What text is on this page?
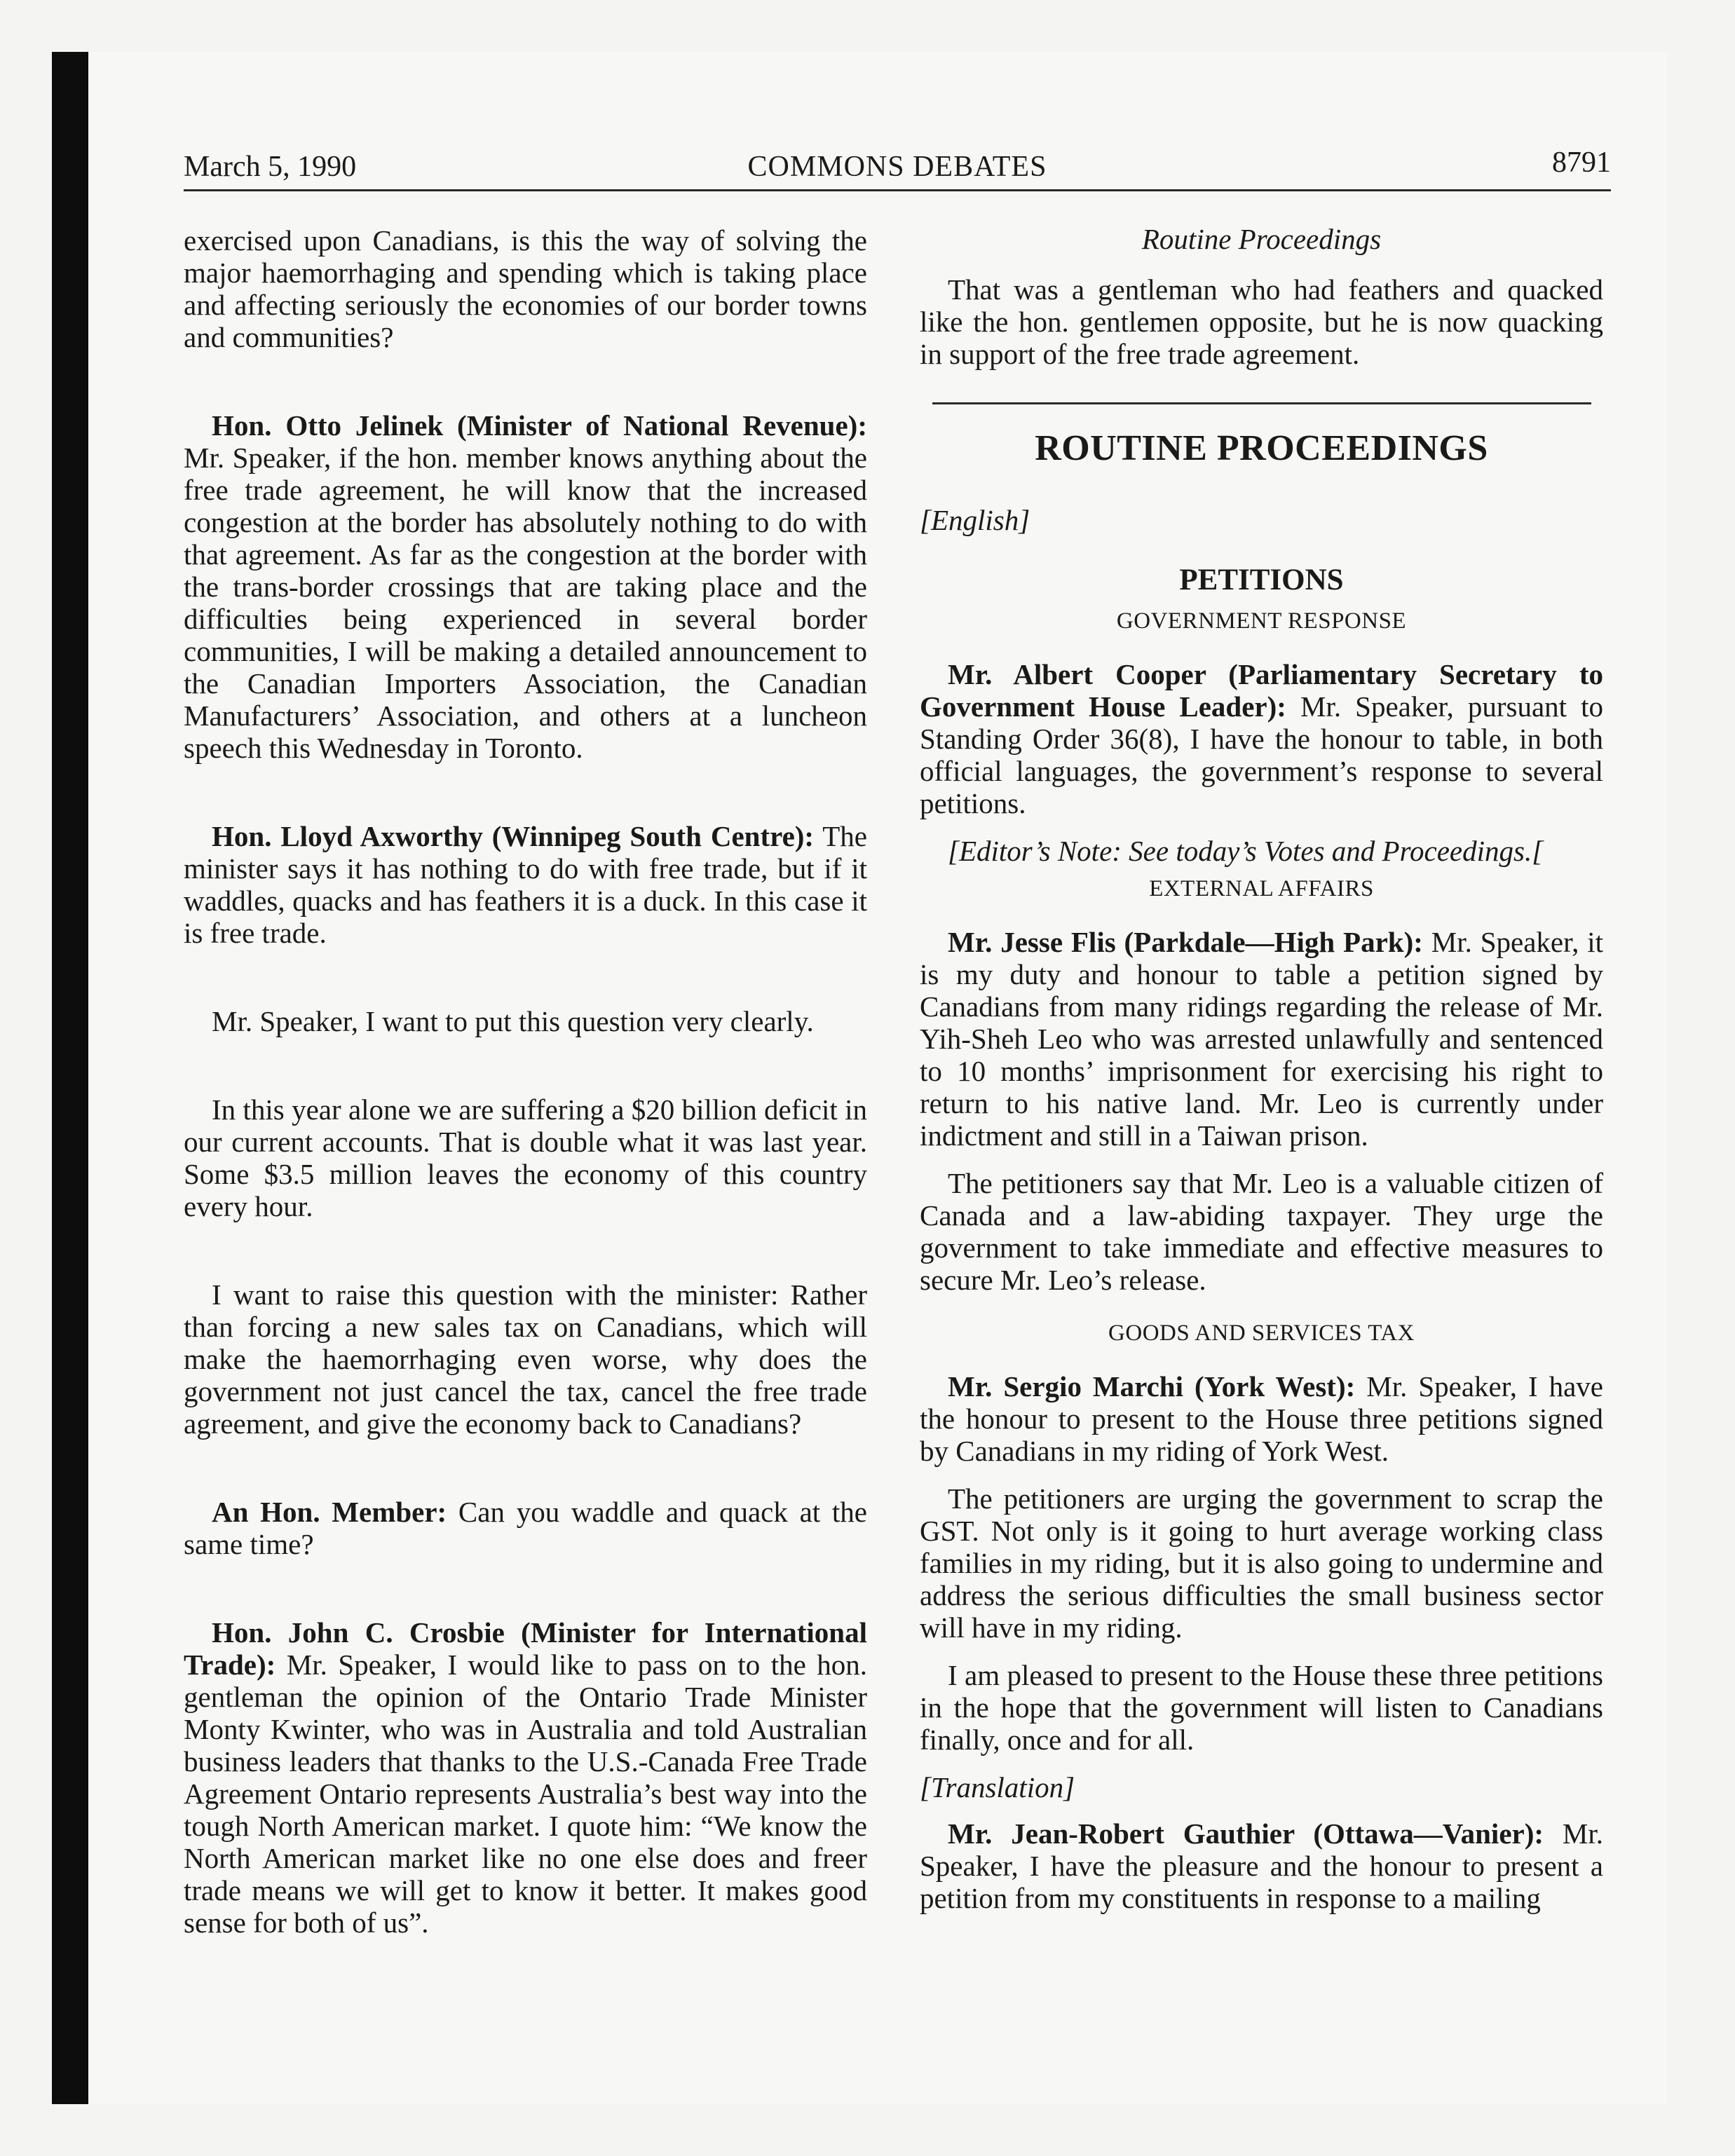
March 5, 1990	COMMONS DEBATES	8791

exercised upon Canadians, is this the way of solving the major haemorrhaging and spending which is taking place and affecting seriously the economies of our border towns and communities?

Hon. Otto Jelinek (Minister of National Revenue): Mr. Speaker, if the hon. member knows anything about the free trade agreement, he will know that the increased congestion at the border has absolutely nothing to do with that agreement. As far as the congestion at the border with the trans-border crossings that are taking place and the difficulties being experienced in several border communities, I will be making a detailed announcement to the Canadian Importers Association, the Canadian Manufacturers’ Association, and others at a luncheon speech this Wednesday in Toronto.

Hon. Lloyd Axworthy (Winnipeg South Centre): The minister says it has nothing to do with free trade, but if it waddles, quacks and has feathers it is a duck. In this case it is free trade.

Mr. Speaker, I want to put this question very clearly.

In this year alone we are suffering a $20 billion deficit in our current accounts. That is double what it was last year. Some $3.5 million leaves the economy of this country every hour.

I want to raise this question with the minister: Rather than forcing a new sales tax on Canadians, which will make the haemorrhaging even worse, why does the government not just cancel the tax, cancel the free trade agreement, and give the economy back to Canadians?

An Hon. Member: Can you waddle and quack at the same time?

Hon. John C. Crosbie (Minister for International Trade): Mr. Speaker, I would like to pass on to the hon. gentleman the opinion of the Ontario Trade Minister Monty Kwinter, who was in Australia and told Australian business leaders that thanks to the U.S.-Canada Free Trade Agreement Ontario represents Australia’s best way into the tough North American market. I quote him: “We know the North American market like no one else does and freer trade means we will get to know it better. It makes good sense for both of us”.

Routine Proceedings

That was a gentleman who had feathers and quacked like the hon. gentlemen opposite, but he is now quacking in support of the free trade agreement.

ROUTINE PROCEEDINGS
[English]
PETITIONS
GOVERNMENT RESPONSE

Mr. Albert Cooper (Parliamentary Secretary to Government House Leader): Mr. Speaker, pursuant to Standing Order 36(8), I have the honour to table, in both official languages, the government’s response to several petitions.

[Editor’s Note: See today’s Votes and Proceedings.[

EXTERNAL AFFAIRS

Mr. Jesse Flis (Parkdale—High Park): Mr. Speaker, it is my duty and honour to table a petition signed by Canadians from many ridings regarding the release of Mr. Yih-Sheh Leo who was arrested unlawfully and sentenced to 10 months’ imprisonment for exercising his right to return to his native land. Mr. Leo is currently under indictment and still in a Taiwan prison.

The petitioners say that Mr. Leo is a valuable citizen of Canada and a law-abiding taxpayer. They urge the government to take immediate and effective measures to secure Mr. Leo’s release.

GOODS AND SERVICES TAX

Mr. Sergio Marchi (York West): Mr. Speaker, I have the honour to present to the House three petitions signed by Canadians in my riding of York West.

The petitioners are urging the government to scrap the GST. Not only is it going to hurt average working class families in my riding, but it is also going to undermine and address the serious difficulties the small business sector will have in my riding.

I am pleased to present to the House these three petitions in the hope that the government will listen to Canadians finally, once and for all.

[Translation]

Mr. Jean-Robert Gauthier (Ottawa—Vanier): Mr. Speaker, I have the pleasure and the honour to present a petition from my constituents in response to a mailing
